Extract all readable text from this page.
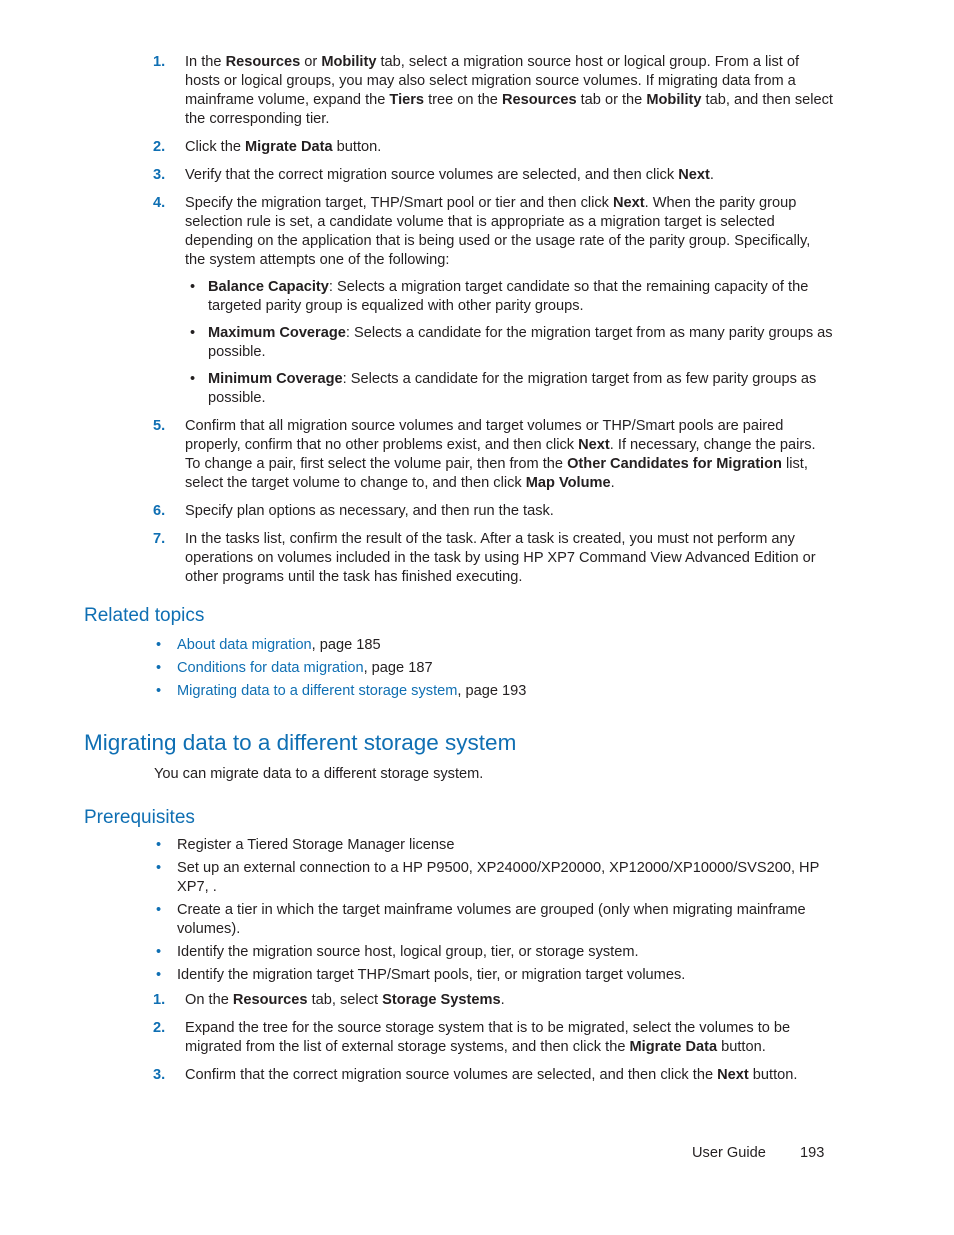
1. In the Resources or Mobility tab, select a migration source host or logical group. From a list of hosts or logical groups, you may also select migration source volumes. If migrating data from a mainframe volume, expand the Tiers tree on the Resources tab or the Mobility tab, and then select the corresponding tier.
2. Click the Migrate Data button.
3. Verify that the correct migration source volumes are selected, and then click Next.
4. Specify the migration target, THP/Smart pool or tier and then click Next. When the parity group selection rule is set, a candidate volume that is appropriate as a migration target is selected depending on the application that is being used or the usage rate of the parity group. Specifically, the system attempts one of the following:
• Balance Capacity: Selects a migration target candidate so that the remaining capacity of the targeted parity group is equalized with other parity groups.
• Maximum Coverage: Selects a candidate for the migration target from as many parity groups as possible.
• Minimum Coverage: Selects a candidate for the migration target from as few parity groups as possible.
5. Confirm that all migration source volumes and target volumes or THP/Smart pools are paired properly, confirm that no other problems exist, and then click Next. If necessary, change the pairs. To change a pair, first select the volume pair, then from the Other Candidates for Migration list, select the target volume to change to, and then click Map Volume.
6. Specify plan options as necessary, and then run the task.
7. In the tasks list, confirm the result of the task. After a task is created, you must not perform any operations on volumes included in the task by using HP XP7 Command View Advanced Edition or other programs until the task has finished executing.
Related topics
• About data migration, page 185
• Conditions for data migration, page 187
• Migrating data to a different storage system, page 193
Migrating data to a different storage system
You can migrate data to a different storage system.
Prerequisites
• Register a Tiered Storage Manager license
• Set up an external connection to a HP P9500, XP24000/XP20000, XP12000/XP10000/SVS200, HP XP7, .
• Create a tier in which the target mainframe volumes are grouped (only when migrating mainframe volumes).
• Identify the migration source host, logical group, tier, or storage system.
• Identify the migration target THP/Smart pools, tier, or migration target volumes.
1. On the Resources tab, select Storage Systems.
2. Expand the tree for the source storage system that is to be migrated, select the volumes to be migrated from the list of external storage systems, and then click the Migrate Data button.
3. Confirm that the correct migration source volumes are selected, and then click the Next button.
User Guide 193
